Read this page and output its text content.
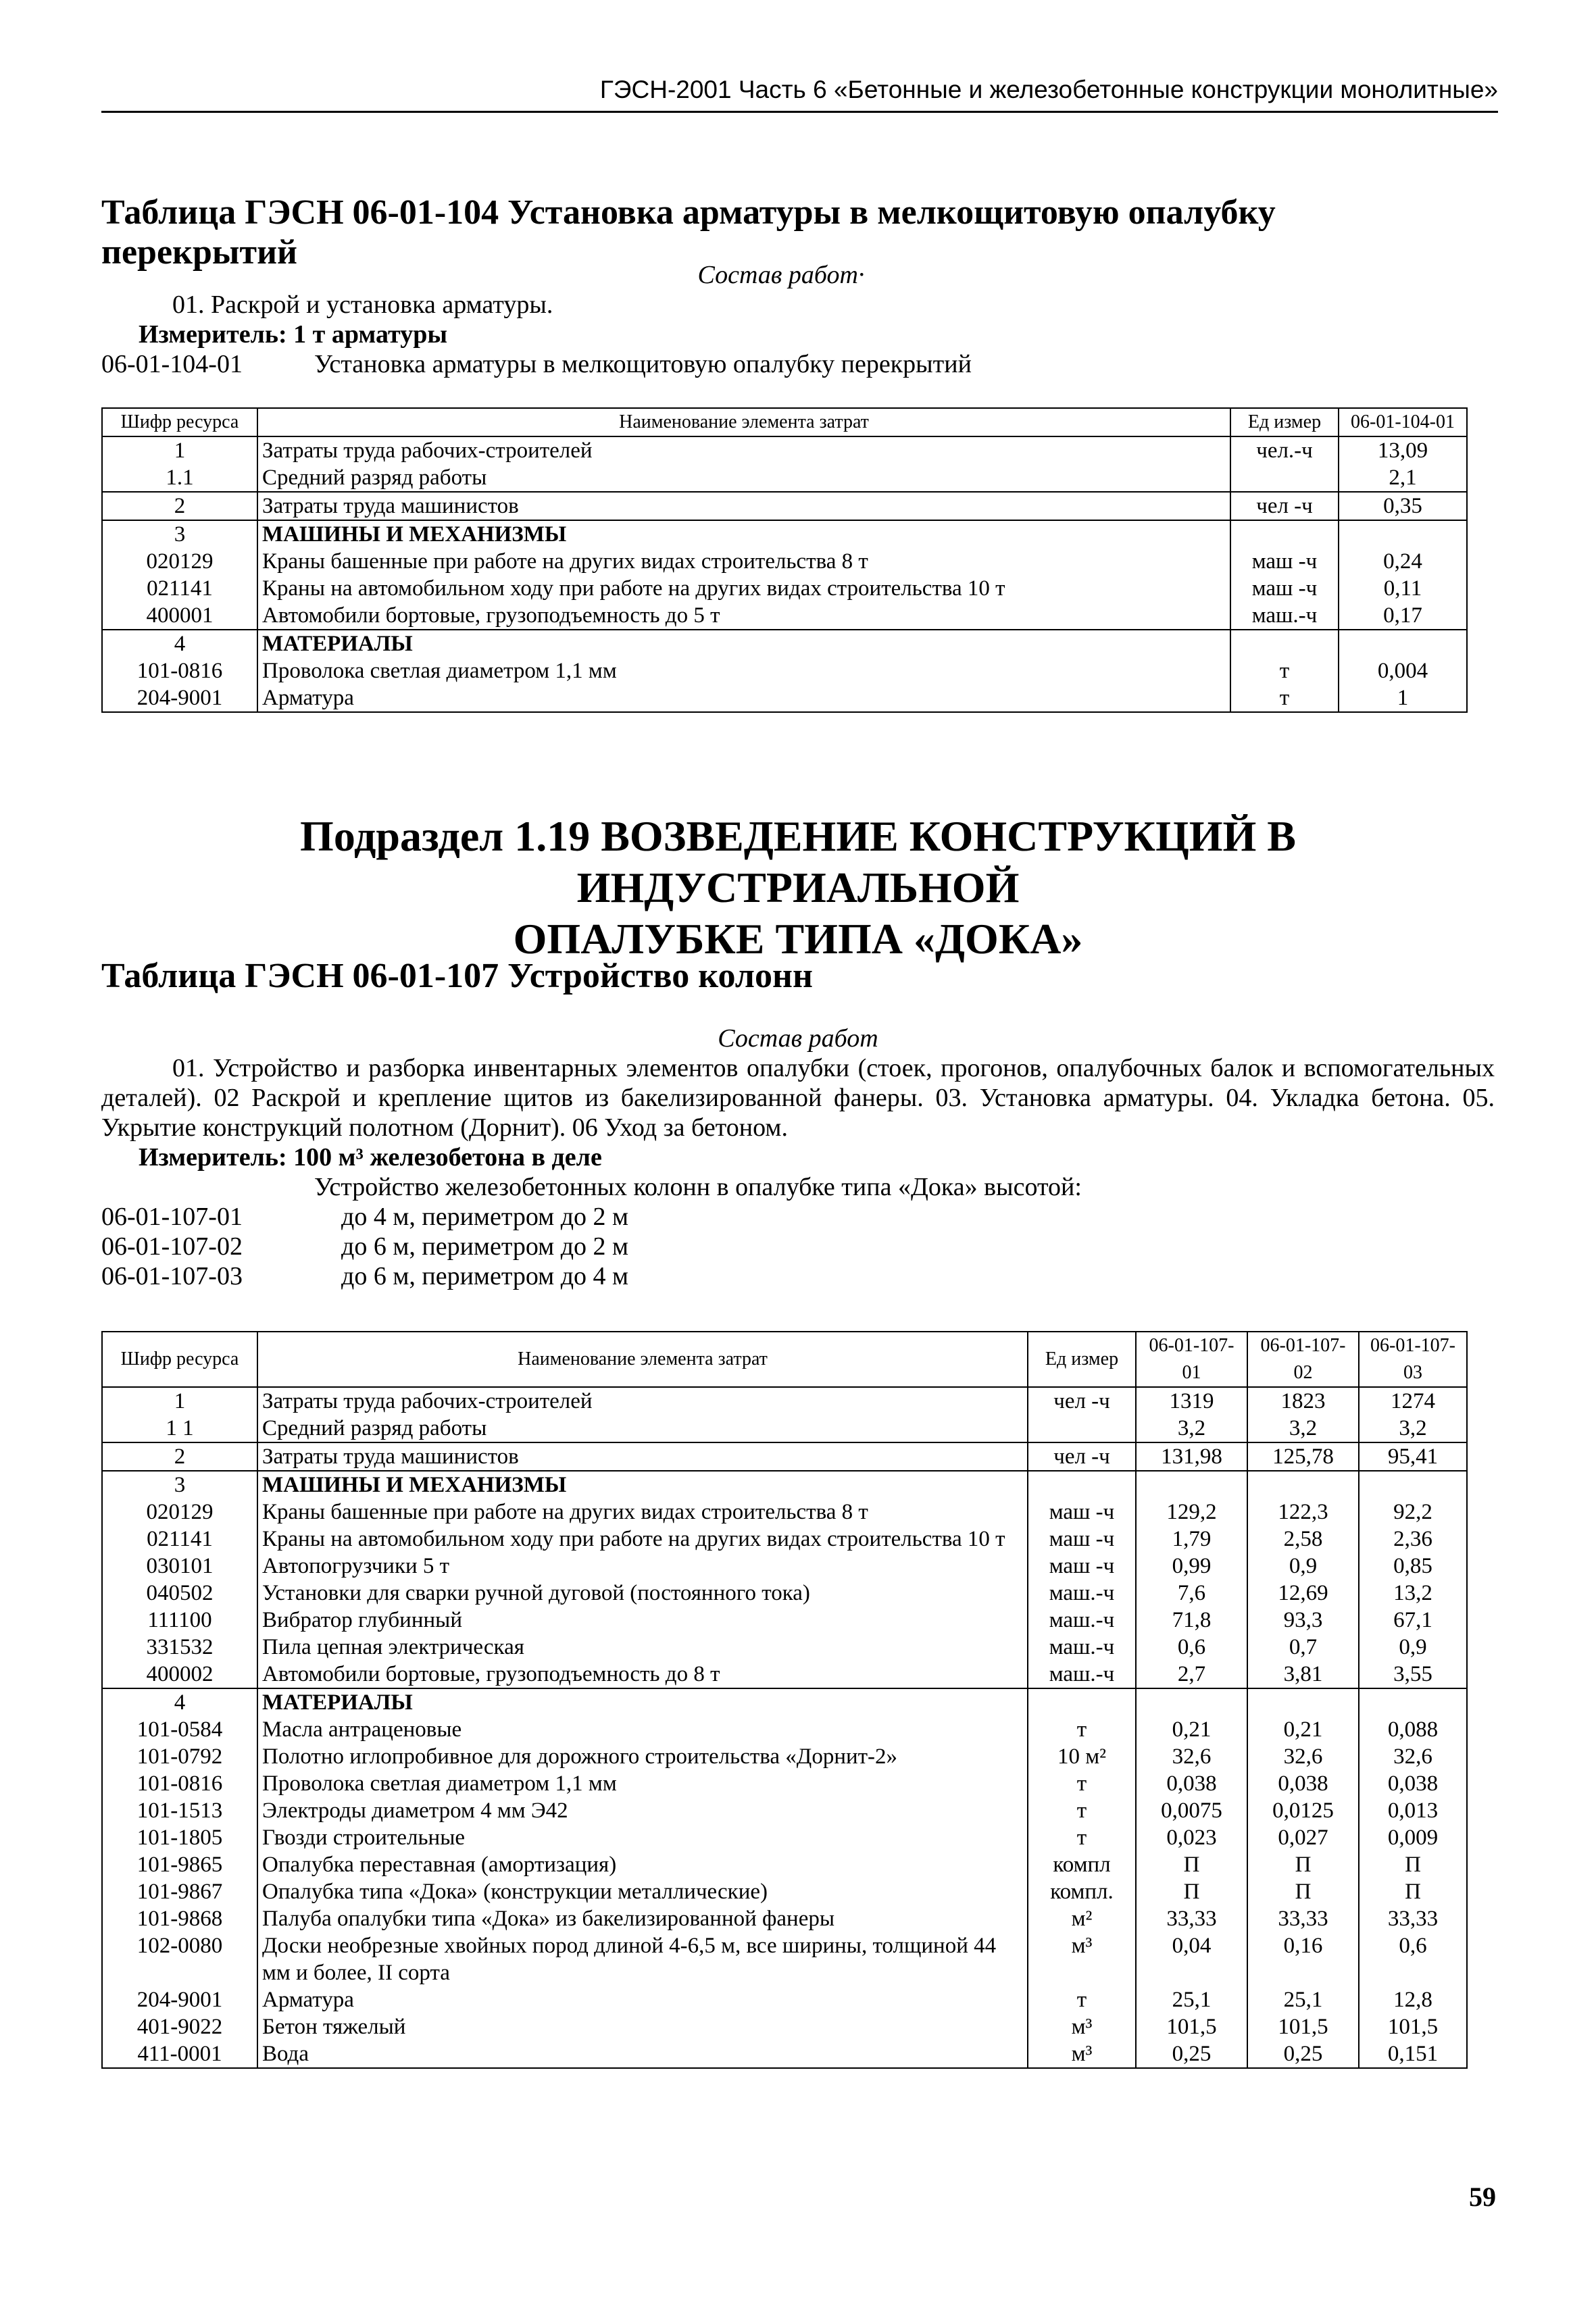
ГЭСН-2001 Часть 6 «Бетонные и железобетонные конструкции монолитные»
Таблица ГЭСН 06-01-104 Установка арматуры в мелкощитовую опалубку перекрытий
Состав работ·
01. Раскрой и установка арматуры.
Измеритель: 1 т арматуры
06-01-104-01	Установка арматуры в мелкощитовую опалубку перекрытий
Шифр ресурса	Наименование элемента затрат	Ед измер	06-01-104-01
1	Затраты труда рабочих-строителей	чел.-ч	13,09
1.1	Средний разряд работы		2,1
2	Затраты труда машинистов	чел -ч	0,35
3	МАШИНЫ И МЕХАНИЗМЫ		
020129	Краны башенные при работе на других видах строительства 8 т	маш -ч	0,24
021141	Краны на автомобильном ходу при работе на других видах строительства 10 т	маш -ч	0,11
400001	Автомобили бортовые, грузоподъемность до 5 т	маш.-ч	0,17
4	МАТЕРИАЛЫ		
101-0816	Проволока светлая диаметром 1,1 мм	т	0,004
204-9001	Арматура	т	1
Подраздел 1.19 ВОЗВЕДЕНИЕ КОНСТРУКЦИЙ В ИНДУСТРИАЛЬНОЙ
ОПАЛУБКЕ ТИПА «ДОКА»
Таблица ГЭСН 06-01-107 Устройство колонн
Состав работ
01. Устройство и разборка инвентарных элементов опалубки (стоек, прогонов, опалубочных балок и вспомогательных деталей). 02 Раскрой и крепление щитов из бакелизированной фанеры. 03. Установка арматуры. 04. Укладка бетона. 05. Укрытие конструкций полотном (Дорнит). 06 Уход за бетоном.
Измеритель: 100 м³ железобетона в деле
Устройство железобетонных колонн в опалубке типа «Дока» высотой:
06-01-107-01	до 4 м, периметром до 2 м
06-01-107-02	до 6 м, периметром до 2 м
06-01-107-03	до 6 м, периметром до 4 м
Шифр ресурса	Наименование элемента затрат	Ед измер	06-01-107-01	06-01-107-02	06-01-107-03
1	Затраты труда рабочих-строителей	чел -ч	1319	1823	1274
1 1	Средний разряд работы		3,2	3,2	3,2
2	Затраты труда машинистов	чел -ч	131,98	125,78	95,41
3	МАШИНЫ И МЕХАНИЗМЫ				
020129	Краны башенные при работе на других видах строительства 8 т	маш -ч	129,2	122,3	92,2
021141	Краны на автомобильном ходу при работе на других видах строительства 10 т	маш -ч	1,79	2,58	2,36
030101	Автопогрузчики 5 т	маш -ч	0,99	0,9	0,85
040502	Установки для сварки ручной дуговой (постоянного тока)	маш.-ч	7,6	12,69	13,2
111100	Вибратор глубинный	маш.-ч	71,8	93,3	67,1
331532	Пила цепная электрическая	маш.-ч	0,6	0,7	0,9
400002	Автомобили бортовые, грузоподъемность до 8 т	маш.-ч	2,7	3,81	3,55
4	МАТЕРИАЛЫ				
101-0584	Масла антраценовые	т	0,21	0,21	0,088
101-0792	Полотно иглопробивное для дорожного строительства «Дорнит-2»	10 м²	32,6	32,6	32,6
101-0816	Проволока светлая диаметром 1,1 мм	т	0,038	0,038	0,038
101-1513	Электроды диаметром 4 мм Э42	т	0,0075	0,0125	0,013
101-1805	Гвозди строительные	т	0,023	0,027	0,009
101-9865	Опалубка переставная (амортизация)	компл	П	П	П
101-9867	Опалубка типа «Дока» (конструкции металлические)	компл.	П	П	П
101-9868	Палуба опалубки типа «Дока» из бакелизированной фанеры	м²	33,33	33,33	33,33
102-0080	Доски необрезные хвойных пород длиной 4-6,5 м, все ширины, толщиной 44 мм и более, II сорта	м³	0,04	0,16	0,6
204-9001	Арматура	т	25,1	25,1	12,8
401-9022	Бетон тяжелый	м³	101,5	101,5	101,5
411-0001	Вода	м³	0,25	0,25	0,151
59
